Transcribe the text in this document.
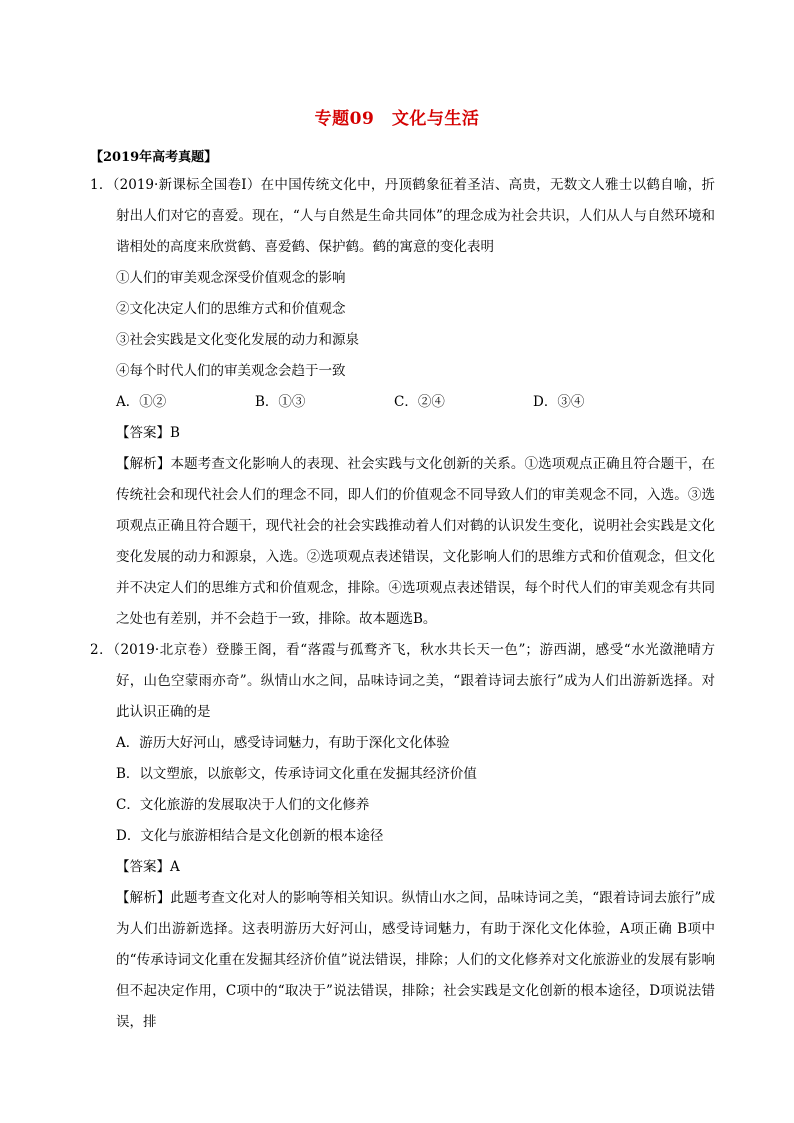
专题09　文化与生活
【2019年高考真题】

1．（2019·新课标全国卷Ⅰ）在中国传统文化中，丹顶鹤象征着圣洁、高贵，无数文人雅士以鹤自喻，折射出人们对它的喜爱。现在，“人与自然是生命共同体”的理念成为社会共识，人们从人与自然环境和谐相处的高度来欣赏鹤、喜爱鹤、保护鹤。鹤的寓意的变化表明

①人们的审美观念深受价值观念的影响

②文化决定人们的思维方式和价值观念

③社会实践是文化变化发展的动力和源泉

④每个时代人们的审美观念会趋于一致

A．①②	B．①③	C．②④	D．③④

【答案】B

【解析】本题考查文化影响人的表现、社会实践与文化创新的关系。①选项观点正确且符合题干，在传统社会和现代社会人们的理念不同，即人们的价值观念不同导致人们的审美观念不同，入选。③选项观点正确且符合题干，现代社会的社会实践推动着人们对鹤的认识发生变化，说明社会实践是文化变化发展的动力和源泉，入选。②选项观点表述错误，文化影响人们的思维方式和价值观念，但文化并不决定人们的思维方式和价值观念，排除。④选项观点表述错误，每个时代人们的审美观念有共同之处也有差别，并不会趋于一致，排除。故本题选B。

2．（2019·北京卷）登滕王阁，看“落霞与孤鹜齐飞，秋水共长天一色”；游西湖，感受“水光潋滟晴方好，山色空蒙雨亦奇”。纵情山水之间，品味诗词之美，“跟着诗词去旅行”成为人们出游新选择。对此认识正确的是

A．游历大好河山，感受诗词魅力，有助于深化文化体验

B．以文塑旅，以旅彰文，传承诗词文化重在发掘其经济价值

C．文化旅游的发展取决于人们的文化修养

D．文化与旅游相结合是文化创新的根本途径

【答案】A

【解析】此题考查文化对人的影响等相关知识。纵情山水之间，品味诗词之美，“跟着诗词去旅行”成为人们出游新选择。这表明游历大好河山，感受诗词魅力，有助于深化文化体验，A项正确 B项中的“传承诗词文化重在发掘其经济价值”说法错误，排除；人们的文化修养对文化旅游业的发展有影响但不起决定作用，C项中的“取决于”说法错误，排除；社会实践是文化创新的根本途径，D项说法错误，排
